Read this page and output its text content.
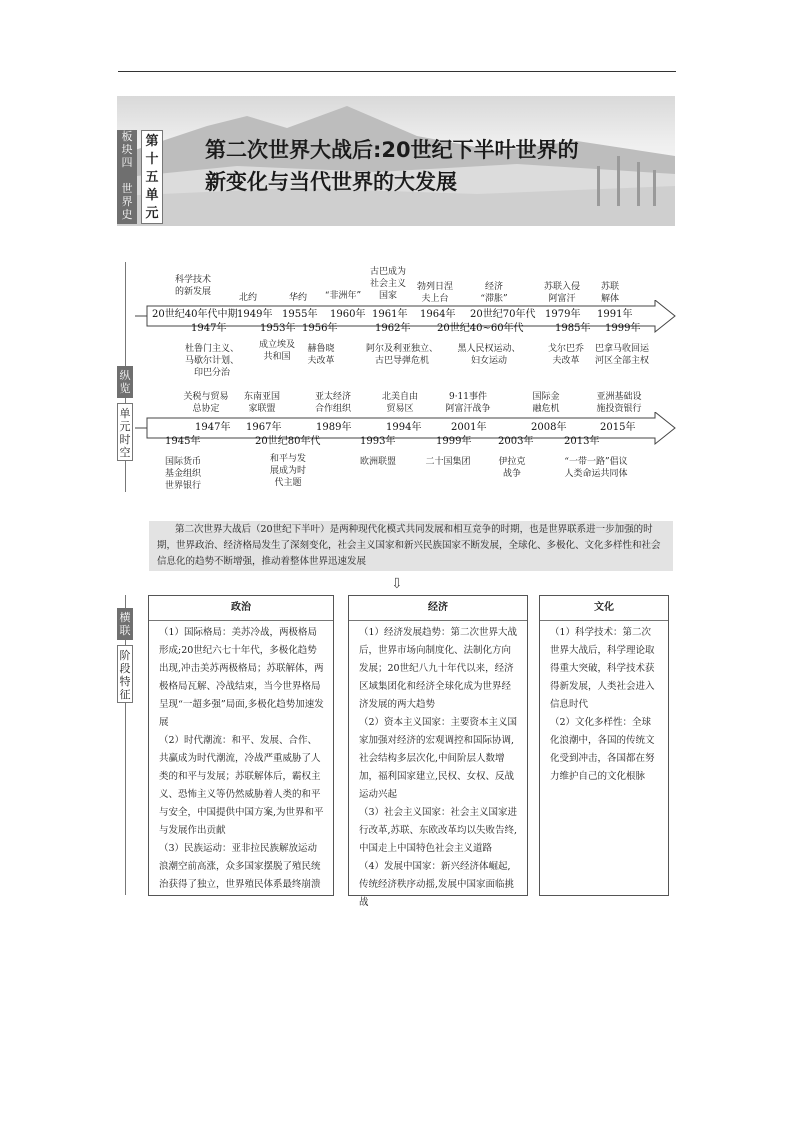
板
块
四

世
界
史
第
十
五
单
元
第二次世界大战后:20世纪下半叶世界的
新变化与当代世界的大发展
纵
览
单
元
时
空
横
联
阶
段
特
征
科学技术
的新发展
北约	华约	“非洲年”
古巴成为
社会主义
国家
勃列日涅
夫上台
经济
“滞胀”
苏联入侵
阿富汗
苏联
解体
杜鲁门主义、
马歇尔计划、
印巴分治
成立埃及
共和国
赫鲁晓
夫改革
阿尔及利亚独立、
古巴导弹危机
黑人民权运动、
妇女运动
戈尔巴乔
夫改革
巴拿马收回运
河区全部主权
20世纪40年代中期 1949年 1955年 1960年 1961年 1964年 20世纪70年代 1979年 1991年
1947年	1953年 1956年	1962年	20世纪40~60年代	1985年 1999年
关税与贸易
总协定
东南亚国
家联盟
亚太经济
合作组织
北美自由
贸易区
9·11事件
阿富汗战争
国际金
融危机
亚洲基础设
施投资银行
国际货币
基金组织
世界银行
和平与发
展成为时
代主题
欧洲联盟	二十国集团	伊拉克
战争
“一带一路”倡议
人类命运共同体
1947年 1967年	1989年	1994年	2001年	2008年	2015年
1945年	20世纪80年代	1993年	1999年	2003年	2013年
第二次世界大战后（20世纪下半叶）是两种现代化模式共同发展和相互竞争的时期，也是世界联系进一步加强的时期，世界政治、经济格局发生了深刻变化，社会主义国家和新兴民族国家不断发展，全球化、多极化、文化多样性和社会信息化的趋势不断增强，推动着整体世界迅速发展
⇩
政治

（1）国际格局：美苏冷战，两极格局形成;20世纪六七十年代，多极化趋势出现,冲击美苏两极格局；苏联解体，两极格局瓦解、冷战结束，当今世界格局呈现“一超多强”局面,多极化趋势加速发展

（2）时代潮流：和平、发展、合作、共赢成为时代潮流，冷战严重威胁了人类的和平与发展；苏联解体后，霸权主义、恐怖主义等仍然威胁着人类的和平与安全，中国提供中国方案,为世界和平与发展作出贡献

（3）民族运动：亚非拉民族解放运动浪潮空前高涨，众多国家摆脱了殖民统治获得了独立，世界殖民体系最终崩溃

经济

（1）经济发展趋势：第二次世界大战后，世界市场向制度化、法制化方向发展；20世纪八九十年代以来，经济区域集团化和经济全球化成为世界经济发展的两大趋势

（2）资本主义国家：主要资本主义国家加强对经济的宏观调控和国际协调,社会结构多层次化,中间阶层人数增加，福利国家建立,民权、女权、反战运动兴起

（3）社会主义国家：社会主义国家进行改革,苏联、东欧改革均以失败告终,中国走上中国特色社会主义道路

（4）发展中国家：新兴经济体崛起,传统经济秩序动摇,发展中国家面临挑战

文化

（1）科学技术：第二次世界大战后，科学理论取得重大突破，科学技术获得新发展，人类社会进入信息时代

（2）文化多样性：全球化浪潮中，各国的传统文化受到冲击，各国都在努力维护自己的文化根脉
